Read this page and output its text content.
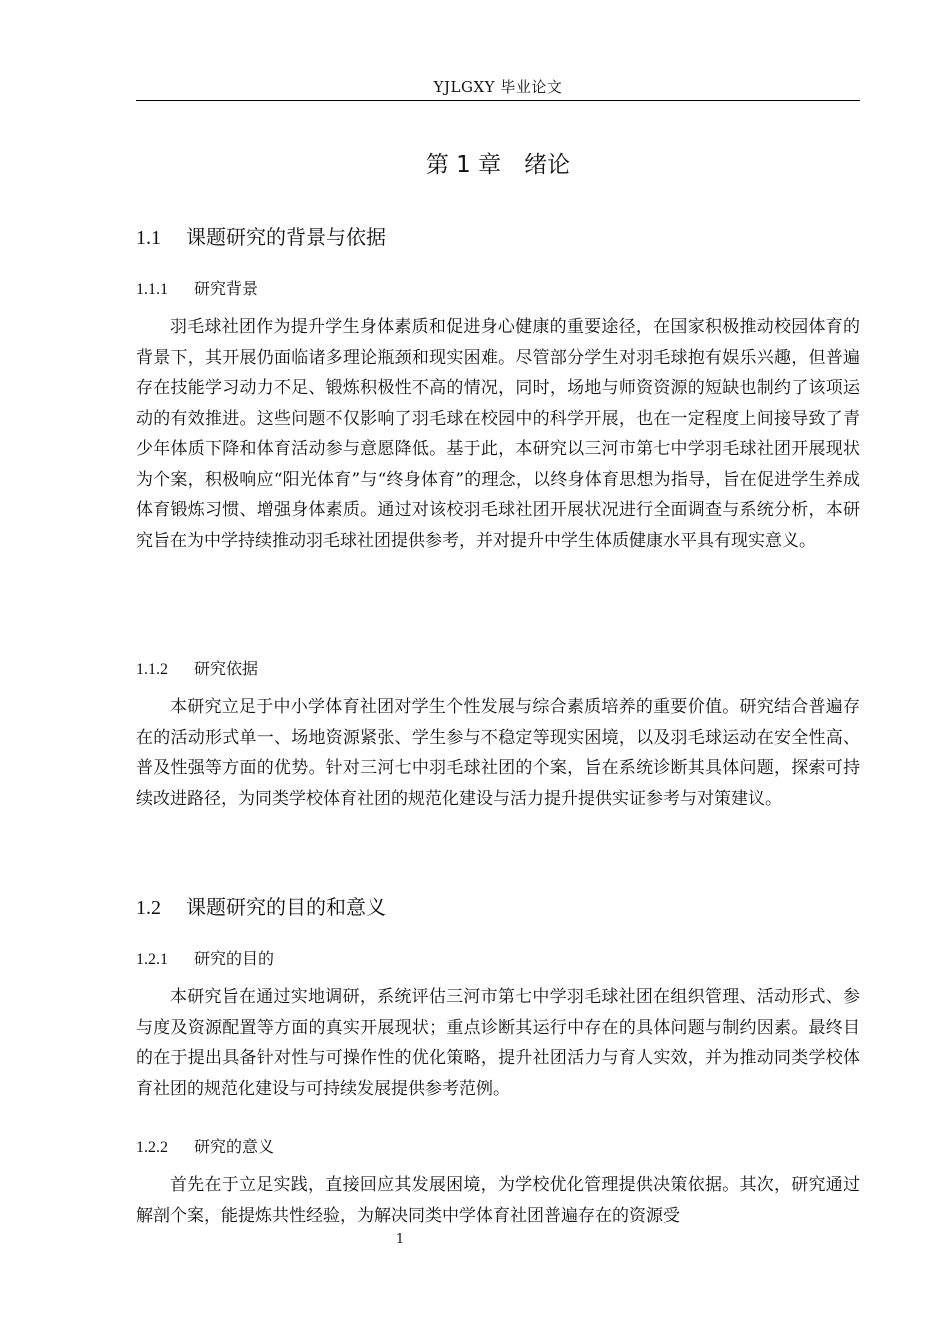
YJLGXY 毕业论文
第 1 章　绪论
1.1 课题研究的背景与依据
1.1.1 研究背景

羽毛球社团作为提升学生身体素质和促进身心健康的重要途径，在国家积极推动校园体育的背景下，其开展仍面临诸多理论瓶颈和现实困难。尽管部分学生对羽毛球抱有娱乐兴趣，但普遍存在技能学习动力不足、锻炼积极性不高的情况，同时，场地与师资资源的短缺也制约了该项运动的有效推进。这些问题不仅影响了羽毛球在校园中的科学开展，也在一定程度上间接导致了青少年体质下降和体育活动参与意愿降低。基于此，本研究以三河市第七中学羽毛球社团开展现状为个案，积极响应“阳光体育”与“终身体育”的理念，以终身体育思想为指导，旨在促进学生养成体育锻炼习惯、增强身体素质。通过对该校羽毛球社团开展状况进行全面调查与系统分析，本研究旨在为中学持续推动羽毛球社团提供参考，并对提升中学生体质健康水平具有现实意义。

1.1.2 研究依据

本研究立足于中小学体育社团对学生个性发展与综合素质培养的重要价值。研究结合普遍存在的活动形式单一、场地资源紧张、学生参与不稳定等现实困境，以及羽毛球运动在安全性高、普及性强等方面的优势。针对三河七中羽毛球社团的个案，旨在系统诊断其具体问题，探索可持续改进路径，为同类学校体育社团的规范化建设与活力提升提供实证参考与对策建议。

1.2 课题研究的目的和意义
1.2.1 研究的目的

本研究旨在通过实地调研，系统评估三河市第七中学羽毛球社团在组织管理、活动形式、参与度及资源配置等方面的真实开展现状；重点诊断其运行中存在的具体问题与制约因素。最终目的在于提出具备针对性与可操作性的优化策略，提升社团活力与育人实效，并为推动同类学校体育社团的规范化建设与可持续发展提供参考范例。

1.2.2 研究的意义

首先在于立足实践，直接回应其发展困境，为学校优化管理提供决策依据。其次，研究通过解剖个案，能提炼共性经验，为解决同类中学体育社团普遍存在的资源受

1
